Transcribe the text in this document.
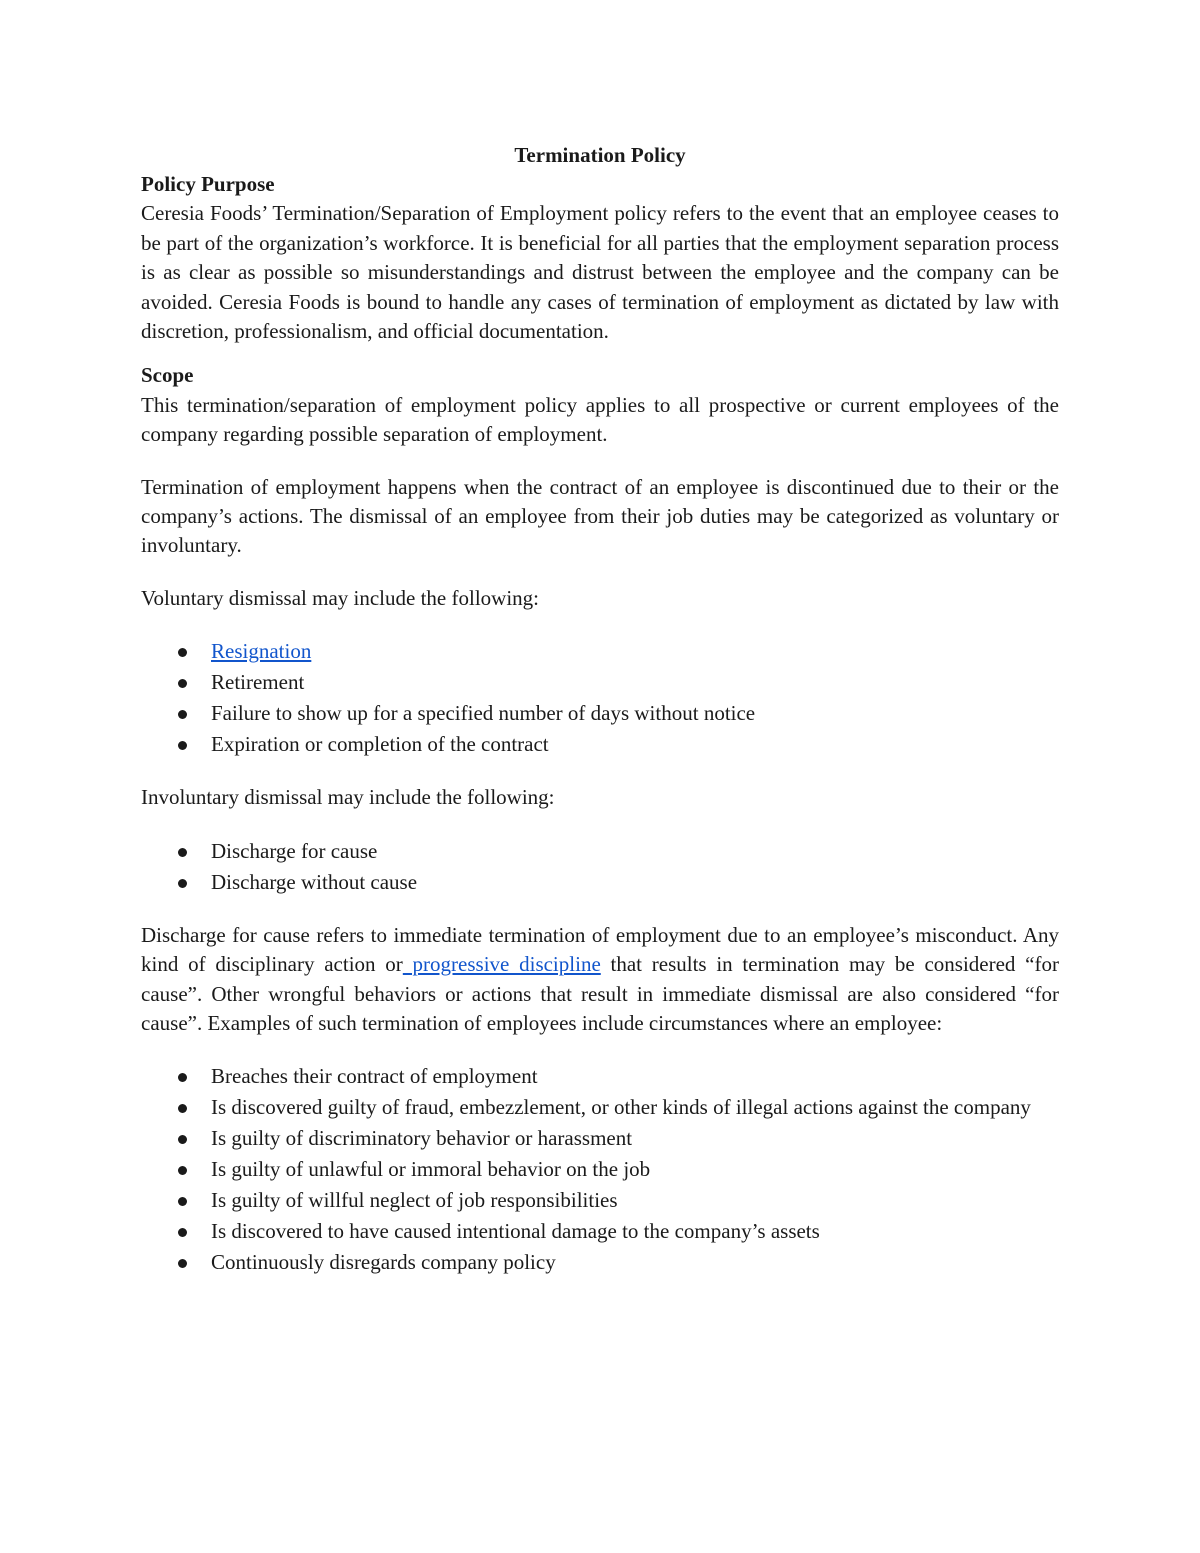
Termination Policy

Policy Purpose

Ceresia Foods’ Termination/Separation of Employment policy refers to the event that an employee ceases to be part of the organization’s workforce. It is beneficial for all parties that the employment separation process is as clear as possible so misunderstandings and distrust between the employee and the company can be avoided. Ceresia Foods is bound to handle any cases of termination of employment as dictated by law with discretion, professionalism, and official documentation.

Scope

This termination/separation of employment policy applies to all prospective or current employees of the company regarding possible separation of employment.

Termination of employment happens when the contract of an employee is discontinued due to their or the company’s actions. The dismissal of an employee from their job duties may be categorized as voluntary or involuntary.

Voluntary dismissal may include the following:

Resignation
Retirement
Failure to show up for a specified number of days without notice
Expiration or completion of the contract

Involuntary dismissal may include the following:

Discharge for cause
Discharge without cause

Discharge for cause refers to immediate termination of employment due to an employee’s misconduct. Any kind of disciplinary action or progressive discipline that results in termination may be considered “for cause”. Other wrongful behaviors or actions that result in immediate dismissal are also considered “for cause”. Examples of such termination of employees include circumstances where an employee:

Breaches their contract of employment
Is discovered guilty of fraud, embezzlement, or other kinds of illegal actions against the company
Is guilty of discriminatory behavior or harassment
Is guilty of unlawful or immoral behavior on the job
Is guilty of willful neglect of job responsibilities
Is discovered to have caused intentional damage to the company’s assets
Continuously disregards company policy
